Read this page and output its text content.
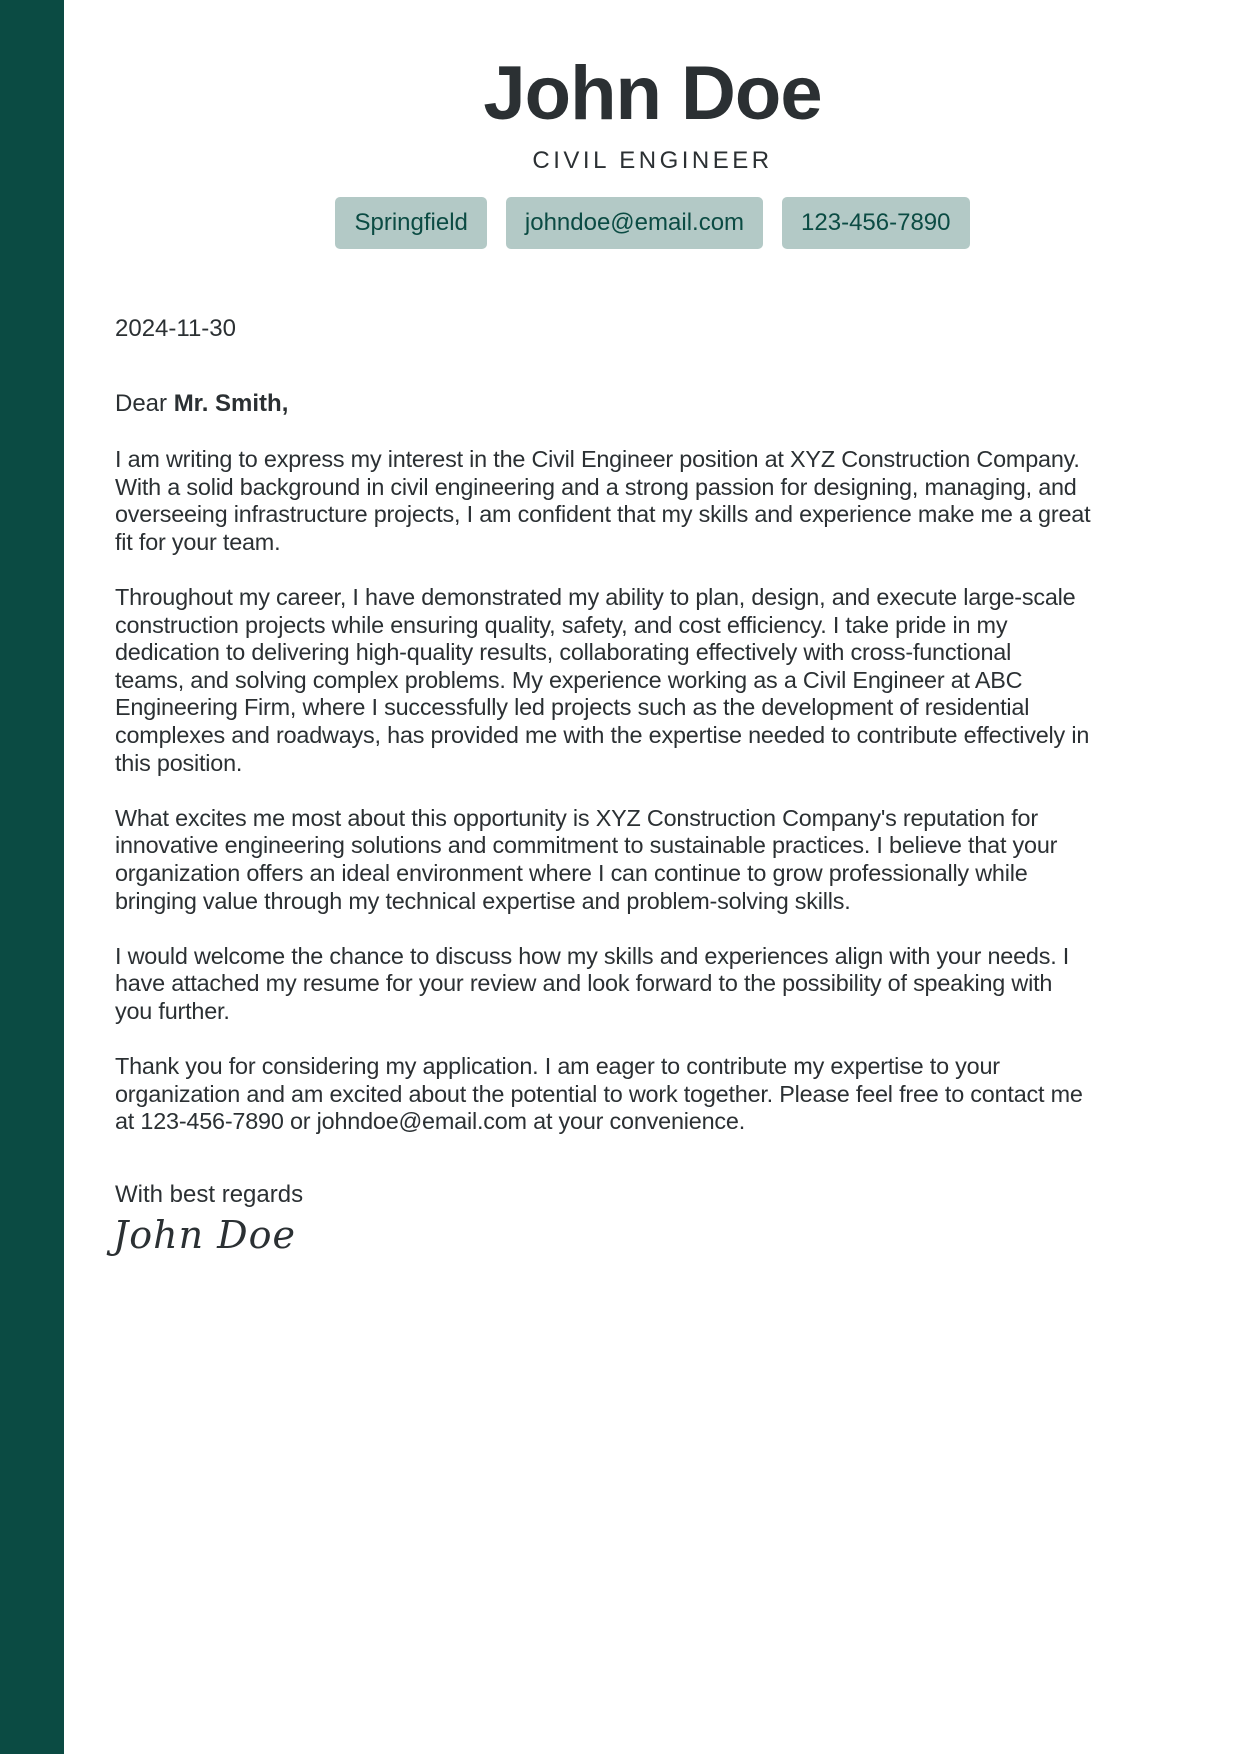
John Doe
CIVIL ENGINEER
Springfield	johndoe@email.com	123-456-7890
2024-11-30
Dear Mr. Smith,

I am writing to express my interest in the Civil Engineer position at XYZ Construction Company.
With a solid background in civil engineering and a strong passion for designing, managing, and
overseeing infrastructure projects, I am confident that my skills and experience make me a great
fit for your team.

Throughout my career, I have demonstrated my ability to plan, design, and execute large-scale
construction projects while ensuring quality, safety, and cost efficiency. I take pride in my
dedication to delivering high-quality results, collaborating effectively with cross-functional
teams, and solving complex problems. My experience working as a Civil Engineer at ABC
Engineering Firm, where I successfully led projects such as the development of residential
complexes and roadways, has provided me with the expertise needed to contribute effectively in
this position.

What excites me most about this opportunity is XYZ Construction Company's reputation for
innovative engineering solutions and commitment to sustainable practices. I believe that your
organization offers an ideal environment where I can continue to grow professionally while
bringing value through my technical expertise and problem-solving skills.

I would welcome the chance to discuss how my skills and experiences align with your needs. I
have attached my resume for your review and look forward to the possibility of speaking with
you further.

Thank you for considering my application. I am eager to contribute my expertise to your
organization and am excited about the potential to work together. Please feel free to contact me
at 123-456-7890 or johndoe@email.com at your convenience.

With best regards
John Doe
